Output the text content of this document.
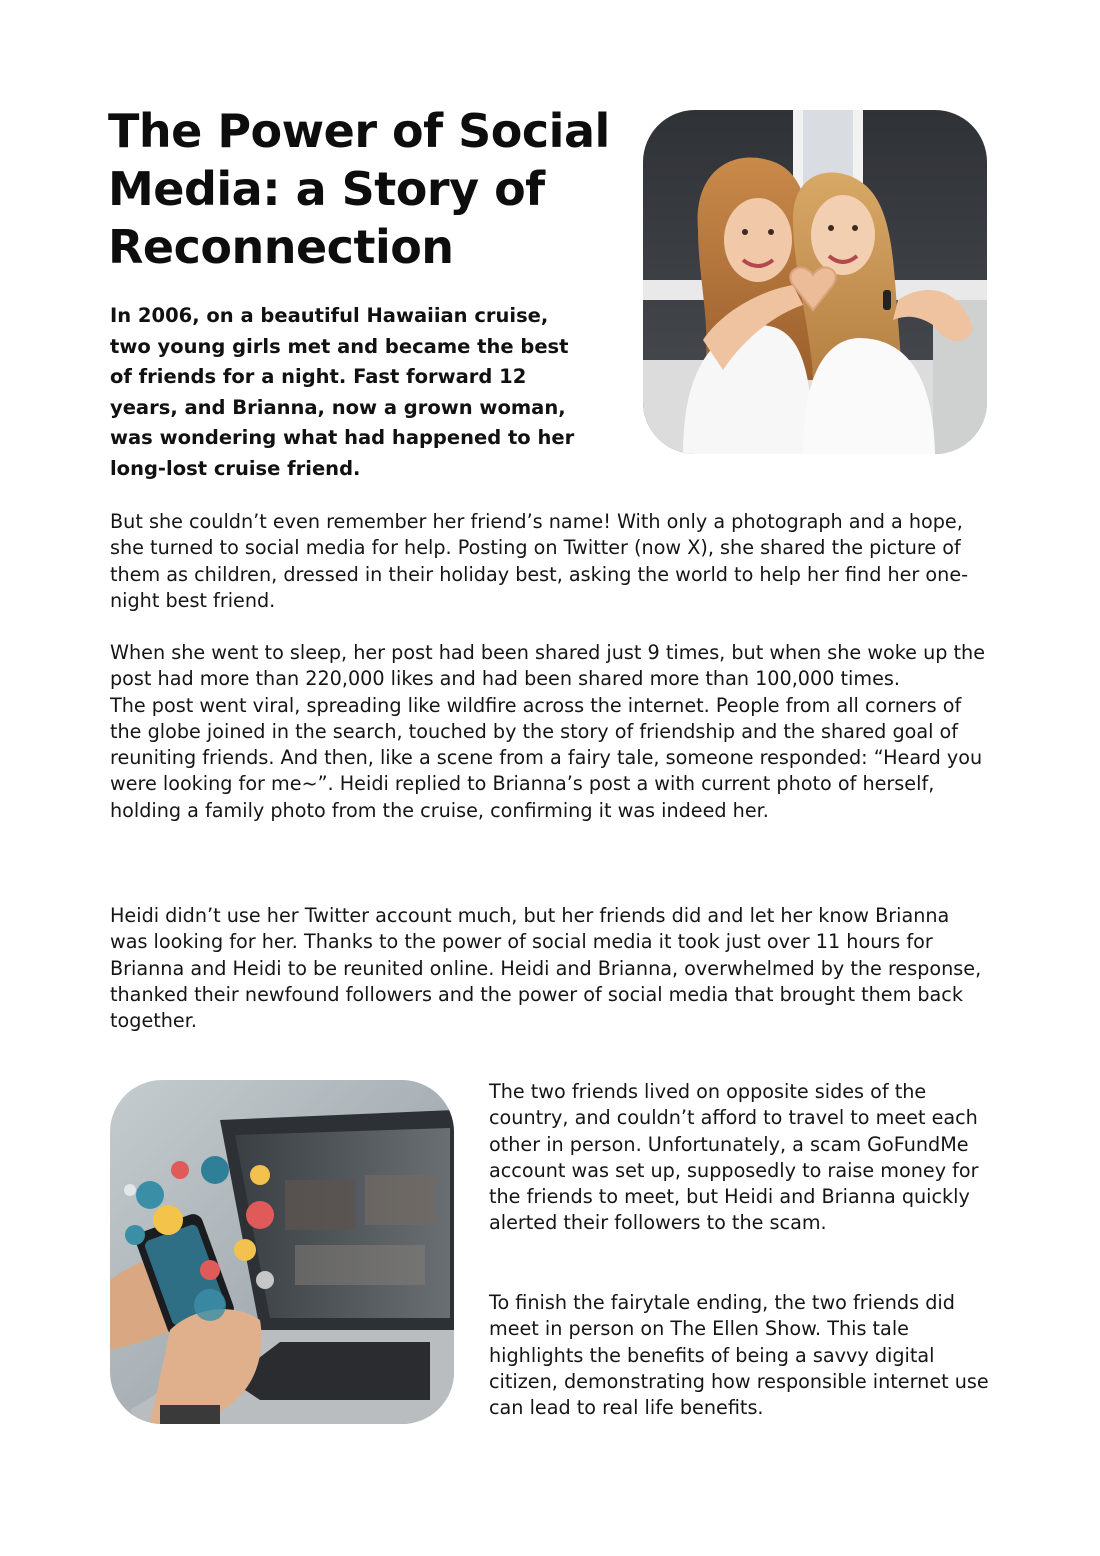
The Power of Social Media: a Story of Reconnection

In 2006, on a beautiful Hawaiian cruise, two young girls met and became the best of friends for a night. Fast forward 12 years, and Brianna, now a grown woman, was wondering what had happened to her long-lost cruise friend.

But she couldn’t even remember her friend’s name! With only a photograph and a hope, she turned to social media for help. Posting on Twitter (now X), she shared the picture of them as children, dressed in their holiday best, asking the world to help her find her one-night best friend.

When she went to sleep, her post had been shared just 9 times, but when she woke up the post had more than 220,000 likes and had been shared more than 100,000 times.

The post went viral, spreading like wildfire across the internet. People from all corners of the globe joined in the search, touched by the story of friendship and the shared goal of reuniting friends. And then, like a scene from a fairy tale, someone responded: “Heard you were looking for me~”. Heidi replied to Brianna’s post a with current photo of herself, holding a family photo from the cruise, confirming it was indeed her.

Heidi didn’t use her Twitter account much, but her friends did and let her know Brianna was looking for her. Thanks to the power of social media it took just over 11 hours for Brianna and Heidi to be reunited online. Heidi and Brianna, overwhelmed by the response, thanked their newfound followers and the power of social media that brought them back together.

The two friends lived on opposite sides of the country, and couldn’t afford to travel to meet each other in person. Unfortunately, a scam GoFundMe account was set up, supposedly to raise money for the friends to meet, but Heidi and Brianna quickly alerted their followers to the scam.

To finish the fairytale ending, the two friends did meet in person on The Ellen Show. This tale highlights the benefits of being a savvy digital citizen, demonstrating how responsible internet use can lead to real life benefits.
